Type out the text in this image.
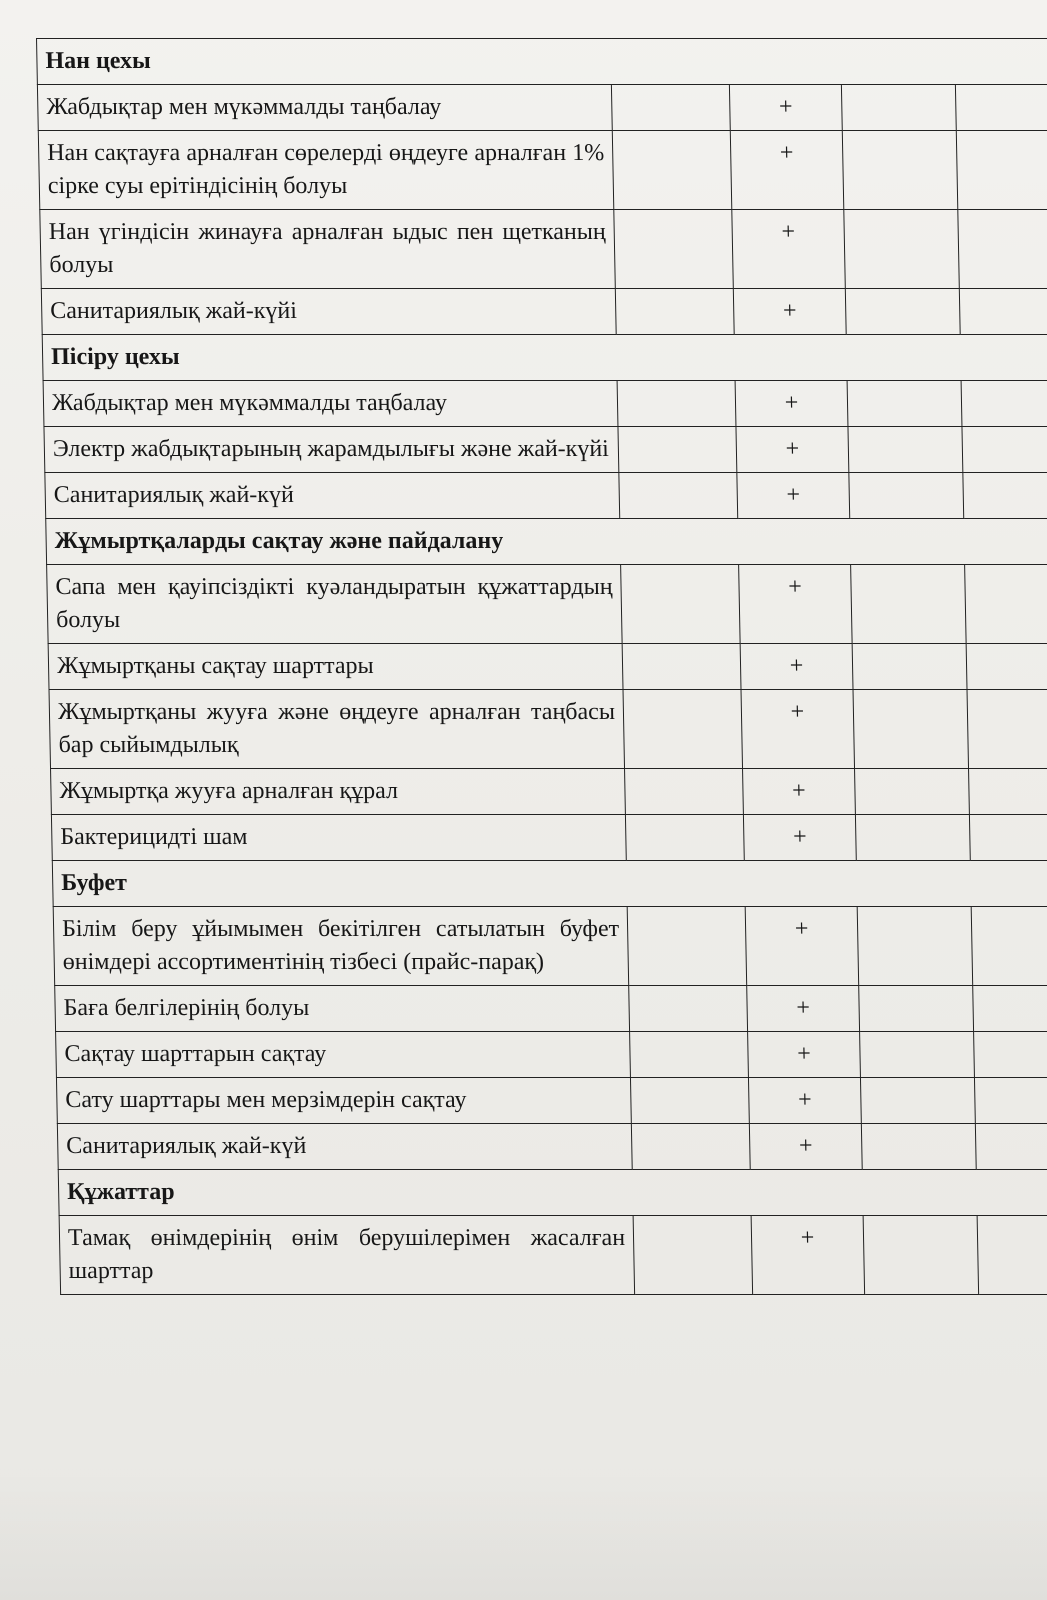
Нан цехы				
Жабдықтар мен мүкәммалды таңбалау		+		
Нан сақтауға арналған сөрелерді өңдеуге арналған 1% сірке суы ерітіндісінің болуы		+		
Нан үгіндісін жинауға арналған ыдыс пен щетканың болуы		+		
Санитариялық жай-күйі		+		
Пісіру цехы				
Жабдықтар мен мүкәммалды таңбалау		+		
Электр жабдықтарының жарамдылығы және жай-күйі		+		
Санитариялық жай-күй		+		
Жұмыртқаларды сақтау және пайдалану				
Сапа мен қауіпсіздікті куәландыратын құжаттардың болуы		+		
Жұмыртқаны сақтау шарттары		+		
Жұмыртқаны жууға және өңдеуге арналған таңбасы бар сыйымдылық		+		
Жұмыртқа жууға арналған құрал		+		
Бактерицидті шам		+		
Буфет				
Білім беру ұйымымен бекітілген сатылатын буфет өнімдері ассортиментінің тізбесі (прайс-парақ)		+		
Баға белгілерінің болуы		+		
Сақтау шарттарын сақтау		+		
Сату шарттары мен мерзімдерін сақтау		+		
Санитариялық жай-күй		+		
Құжаттар				
Тамақ өнімдерінің өнім берушілерімен жасалған шарттар		+		
